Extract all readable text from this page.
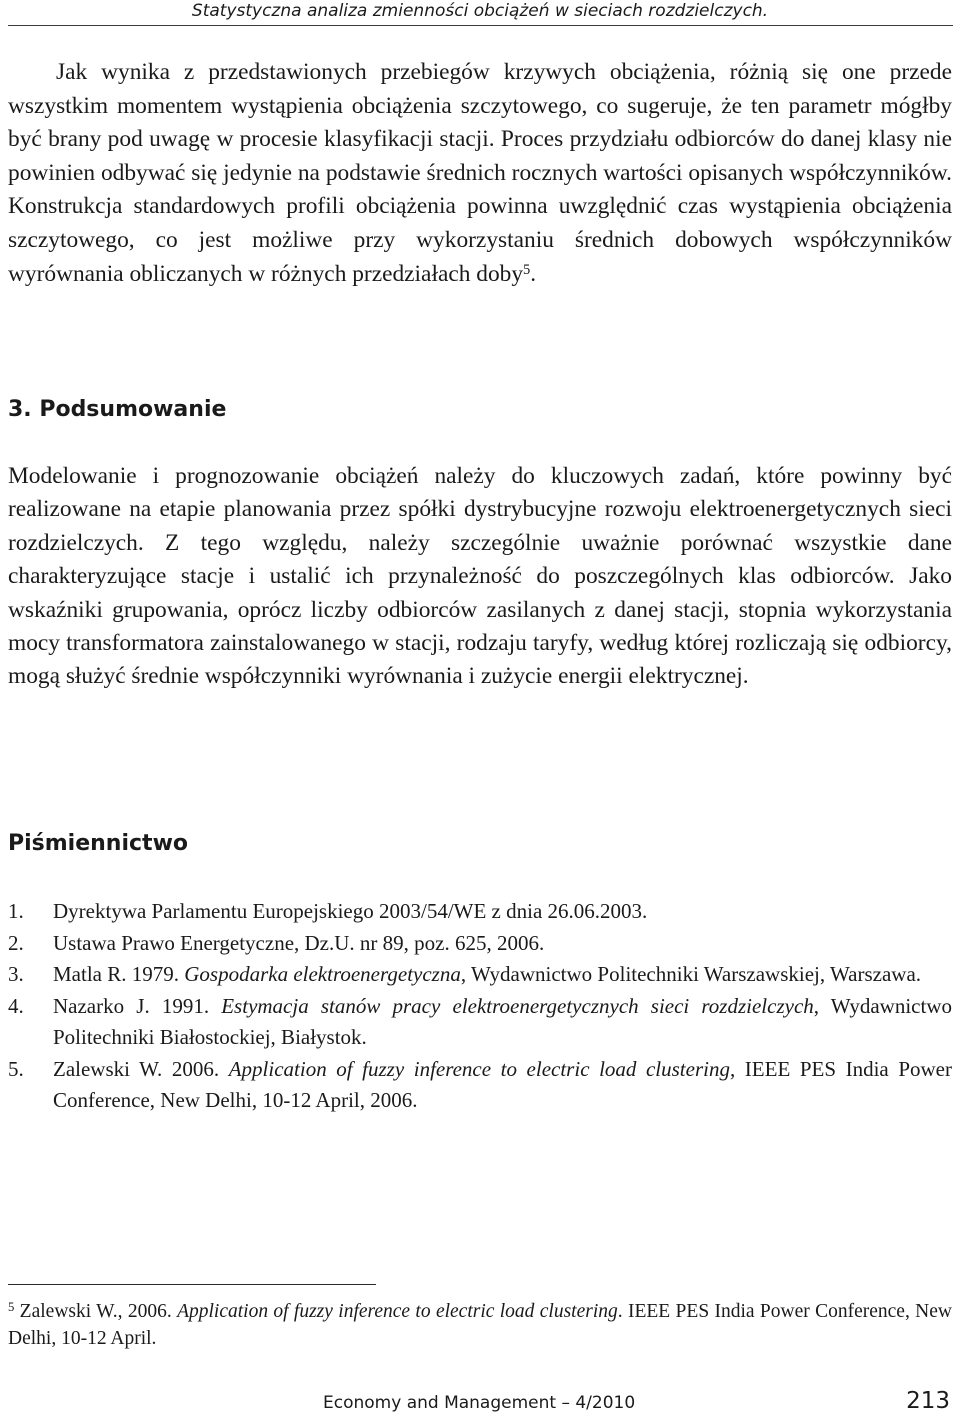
Statystyczna analiza zmienności obciążeń w sieciach rozdzielczych.

Jak wynika z przedstawionych przebiegów krzywych obciążenia, różnią się one przede wszystkim momentem wystąpienia obciążenia szczytowego, co sugeruje, że ten parametr mógłby być brany pod uwagę w procesie klasyfikacji stacji. Proces przydziału odbiorców do danej klasy nie powinien odbywać się jedynie na podstawie średnich rocznych wartości opisanych współczynników. Konstrukcja standardowych profili obciążenia powinna uwzględnić czas wystąpienia obciążenia szczytowego, co jest możliwe przy wykorzystaniu średnich dobowych współczynników wyrównania obliczanych w różnych przedziałach doby$^5$.

3. Podsumowanie

Modelowanie i prognozowanie obciążeń należy do kluczowych zadań, które powinny być realizowane na etapie planowania przez spółki dystrybucyjne rozwoju elektroenergetycznych sieci rozdzielczych. Z tego względu, należy szczególnie uważnie porównać wszystkie dane charakteryzujące stacje i ustalić ich przynależność do poszczególnych klas odbiorców. Jako wskaźniki grupowania, oprócz liczby odbiorców zasilanych z danej stacji, stopnia wykorzystania mocy transformatora zainstalowanego w stacji, rodzaju taryfy, według której rozliczają się odbiorcy, mogą służyć średnie współczynniki wyrównania i zużycie energii elektrycznej.

Piśmiennictwo
1. Dyrektywa Parlamentu Europejskiego 2003/54/WE z dnia 26.06.2003.
2. Ustawa Prawo Energetyczne, Dz.U. nr 89, poz. 625, 2006.
3. Matla R. 1979. Gospodarka elektroenergetyczna, Wydawnictwo Politechniki Warszawskiej, Warszawa.
4. Nazarko J. 1991. Estymacja stanów pracy elektroenergetycznych sieci rozdzielczych, Wydawnictwo Politechniki Białostockiej, Białystok.
5. Zalewski W. 2006. Application of fuzzy inference to electric load clustering, IEEE PES India Power Conference, New Delhi, 10-12 April, 2006.

$^5$ Zalewski W., 2006. Application of fuzzy inference to electric load clustering. IEEE PES India Power Conference, New Delhi, 10-12 April.

Economy and Management – 4/2010	213
